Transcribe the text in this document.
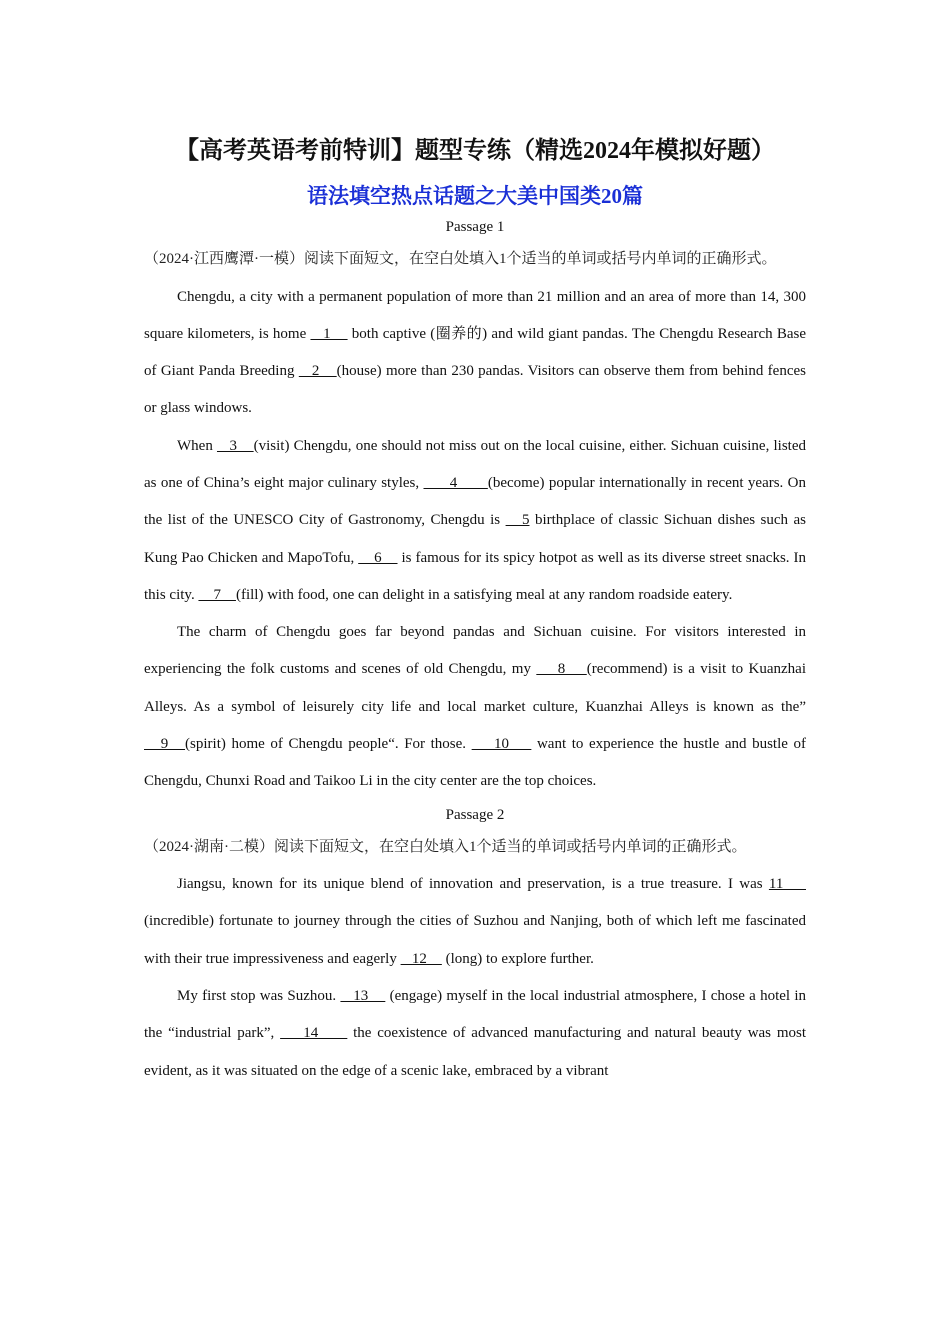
【高考英语考前特训】题型专练（精选2024年模拟好题）
语法填空热点话题之大美中国类20篇
Passage 1

（2024·江西鹰潭·一模）阅读下面短文，在空白处填入1个适当的单词或括号内单词的正确形式。

Chengdu, a city with a permanent population of more than 21 million and an area of more than 14, 300 square kilometers, is home    1     both captive (圈养的) and wild giant pandas. The Chengdu Research Base of Giant Panda Breeding    2    (house) more than 230 pandas. Visitors can observe them from behind fences or glass windows.

When    3    (visit) Chengdu, one should not miss out on the local cuisine, either. Sichuan cuisine, listed as one of China’s eight major culinary styles,       4       (become) popular internationally in recent years. On the list of the UNESCO City of Gastronomy, Chengdu is    5 birthplace of classic Sichuan dishes such as Kung Pao Chicken and MapoTofu,     6     is famous for its spicy hotpot as well as its diverse street snacks. In this city.     7    (fill) with food, one can delight in a satisfying meal at any random roadside eatery.

The charm of Chengdu goes far beyond pandas and Sichuan cuisine. For visitors interested in experiencing the folk customs and scenes of old Chengdu, my     8    (recommend) is a visit to Kuanzhai Alleys. As a symbol of leisurely city life and local market culture, Kuanzhai Alleys is known as the”    9   (spirit) home of Chengdu people“. For those.     10     want to experience the hustle and bustle of Chengdu, Chunxi Road and Taikoo Li in the city center are the top choices.

Passage 2

（2024·湖南·二模）阅读下面短文，在空白处填入1个适当的单词或括号内单词的正确形式。

Jiangsu, known for its unique blend of innovation and preservation, is a true treasure. I was 11     (incredible) fortunate to journey through the cities of Suzhou and Nanjing, both of which left me fascinated with their true impressiveness and eagerly    12     (long) to explore further.

My first stop was Suzhou.    13     (engage) myself in the local industrial atmosphere, I chose a hotel in the “industrial park”,     14      the coexistence of advanced manufacturing and natural beauty was most evident, as it was situated on the edge of a scenic lake, embraced by a vibrant
